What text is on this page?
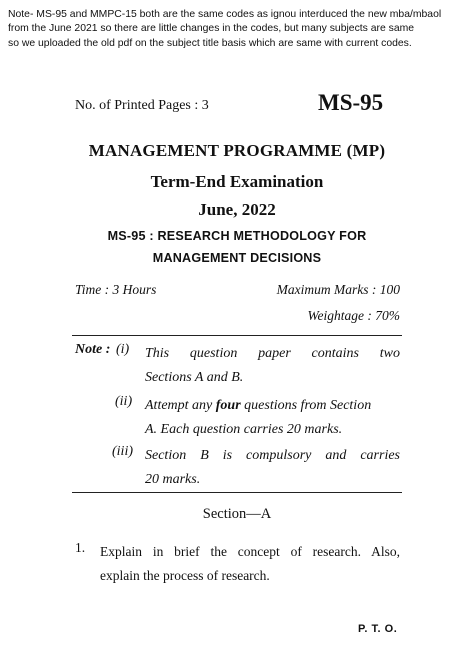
Note- MS-95 and MMPC-15 both are the same codes as ignou interduced the new mba/mbaol
from the June 2021 so there are little changes in the codes, but many subjects are same
so we uploaded the old pdf on the subject title basis which are same with current codes.
No. of Printed Pages : 3	MS-95
MANAGEMENT PROGRAMME (MP)
Term-End Examination
June, 2022
MS-95 : RESEARCH METHODOLOGY FOR
MANAGEMENT DECISIONS
Time : 3 Hours	Maximum Marks : 100
Weightage : 70%
Note : (i) This question paper contains two
Sections A and B.
(ii) Attempt any four questions from Section
A. Each question carries 20 marks.
(iii) Section B is compulsory and carries
20 marks.
Section—A
1. Explain in brief the concept of research. Also,
explain the process of research.
P. T. O.
